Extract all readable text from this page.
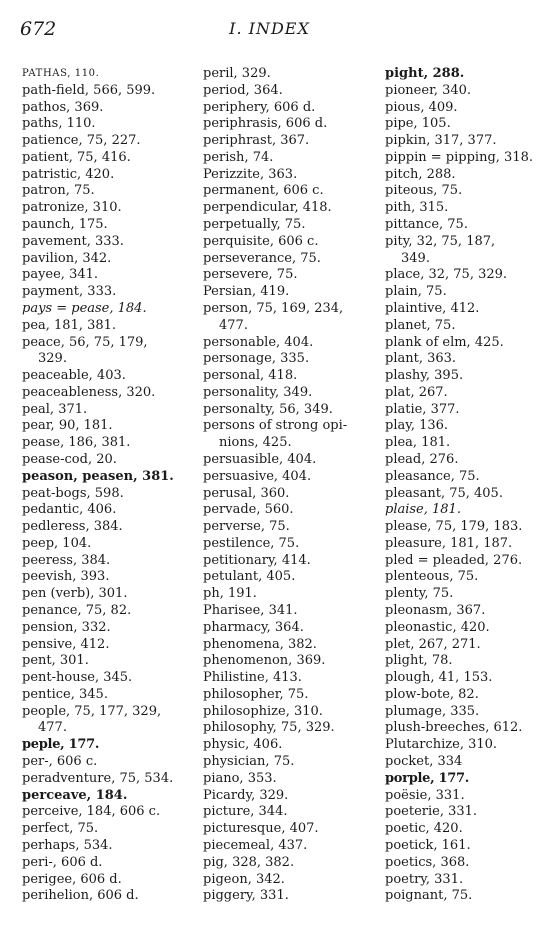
672	I. INDEX
PATHAS, 110.
path-field, 566, 599.
pathos, 369.
paths, 110.
patience, 75, 227.
patient, 75, 416.
patristic, 420.
patron, 75.
patronize, 310.
paunch, 175.
pavement, 333.
pavilion, 342.
payee, 341.
payment, 333.
pays = pease, 184.
pea, 181, 381.
peace, 56, 75, 179,
329.
peaceable, 403.
peaceableness, 320.
peal, 371.
pear, 90, 181.
pease, 186, 381.
pease-cod, 20.
peason, peasen, 381.
peat-bogs, 598.
pedantic, 406.
pedleress, 384.
peep, 104.
peeress, 384.
peevish, 393.
pen (verb), 301.
penance, 75, 82.
pension, 332.
pensive, 412.
pent, 301.
pent-house, 345.
pentice, 345.
people, 75, 177, 329,
477.
peple, 177.
per-, 606 c.
peradventure, 75, 534.
perceave, 184.
perceive, 184, 606 c.
perfect, 75.
perhaps, 534.
peri-, 606 d.
perigee, 606 d.
perihelion, 606 d.
peril, 329.
period, 364.
periphery, 606 d.
periphrasis, 606 d.
periphrast, 367.
perish, 74.
Perizzite, 363.
permanent, 606 c.
perpendicular, 418.
perpetually, 75.
perquisite, 606 c.
perseverance, 75.
persevere, 75.
Persian, 419.
person, 75, 169, 234,
477.
personable, 404.
personage, 335.
personal, 418.
personality, 349.
personalty, 56, 349.
persons of strong opi-
nions, 425.
persuasible, 404.
persuasive, 404.
perusal, 360.
pervade, 560.
perverse, 75.
pestilence, 75.
petitionary, 414.
petulant, 405.
ph, 191.
Pharisee, 341.
pharmacy, 364.
phenomena, 382.
phenomenon, 369.
Philistine, 413.
philosopher, 75.
philosophize, 310.
philosophy, 75, 329.
physic, 406.
physician, 75.
piano, 353.
Picardy, 329.
picture, 344.
picturesque, 407.
piecemeal, 437.
pig, 328, 382.
pigeon, 342.
piggery, 331.
pight, 288.
pioneer, 340.
pious, 409.
pipe, 105.
pipkin, 317, 377.
pippin = pipping, 318.
pitch, 288.
piteous, 75.
pith, 315.
pittance, 75.
pity, 32, 75, 187,
349.
place, 32, 75, 329.
plain, 75.
plaintive, 412.
planet, 75.
plank of elm, 425.
plant, 363.
plashy, 395.
plat, 267.
platie, 377.
play, 136.
plea, 181.
plead, 276.
pleasance, 75.
pleasant, 75, 405.
plaise, 181.
please, 75, 179, 183.
pleasure, 181, 187.
pled = pleaded, 276.
plenteous, 75.
plenty, 75.
pleonasm, 367.
pleonastic, 420.
plet, 267, 271.
plight, 78.
plough, 41, 153.
plow-bote, 82.
plumage, 335.
plush-breeches, 612.
Plutarchize, 310.
pocket, 334
porple, 177.
poësie, 331.
poeterie, 331.
poetic, 420.
poetick, 161.
poetics, 368.
poetry, 331.
poignant, 75.
